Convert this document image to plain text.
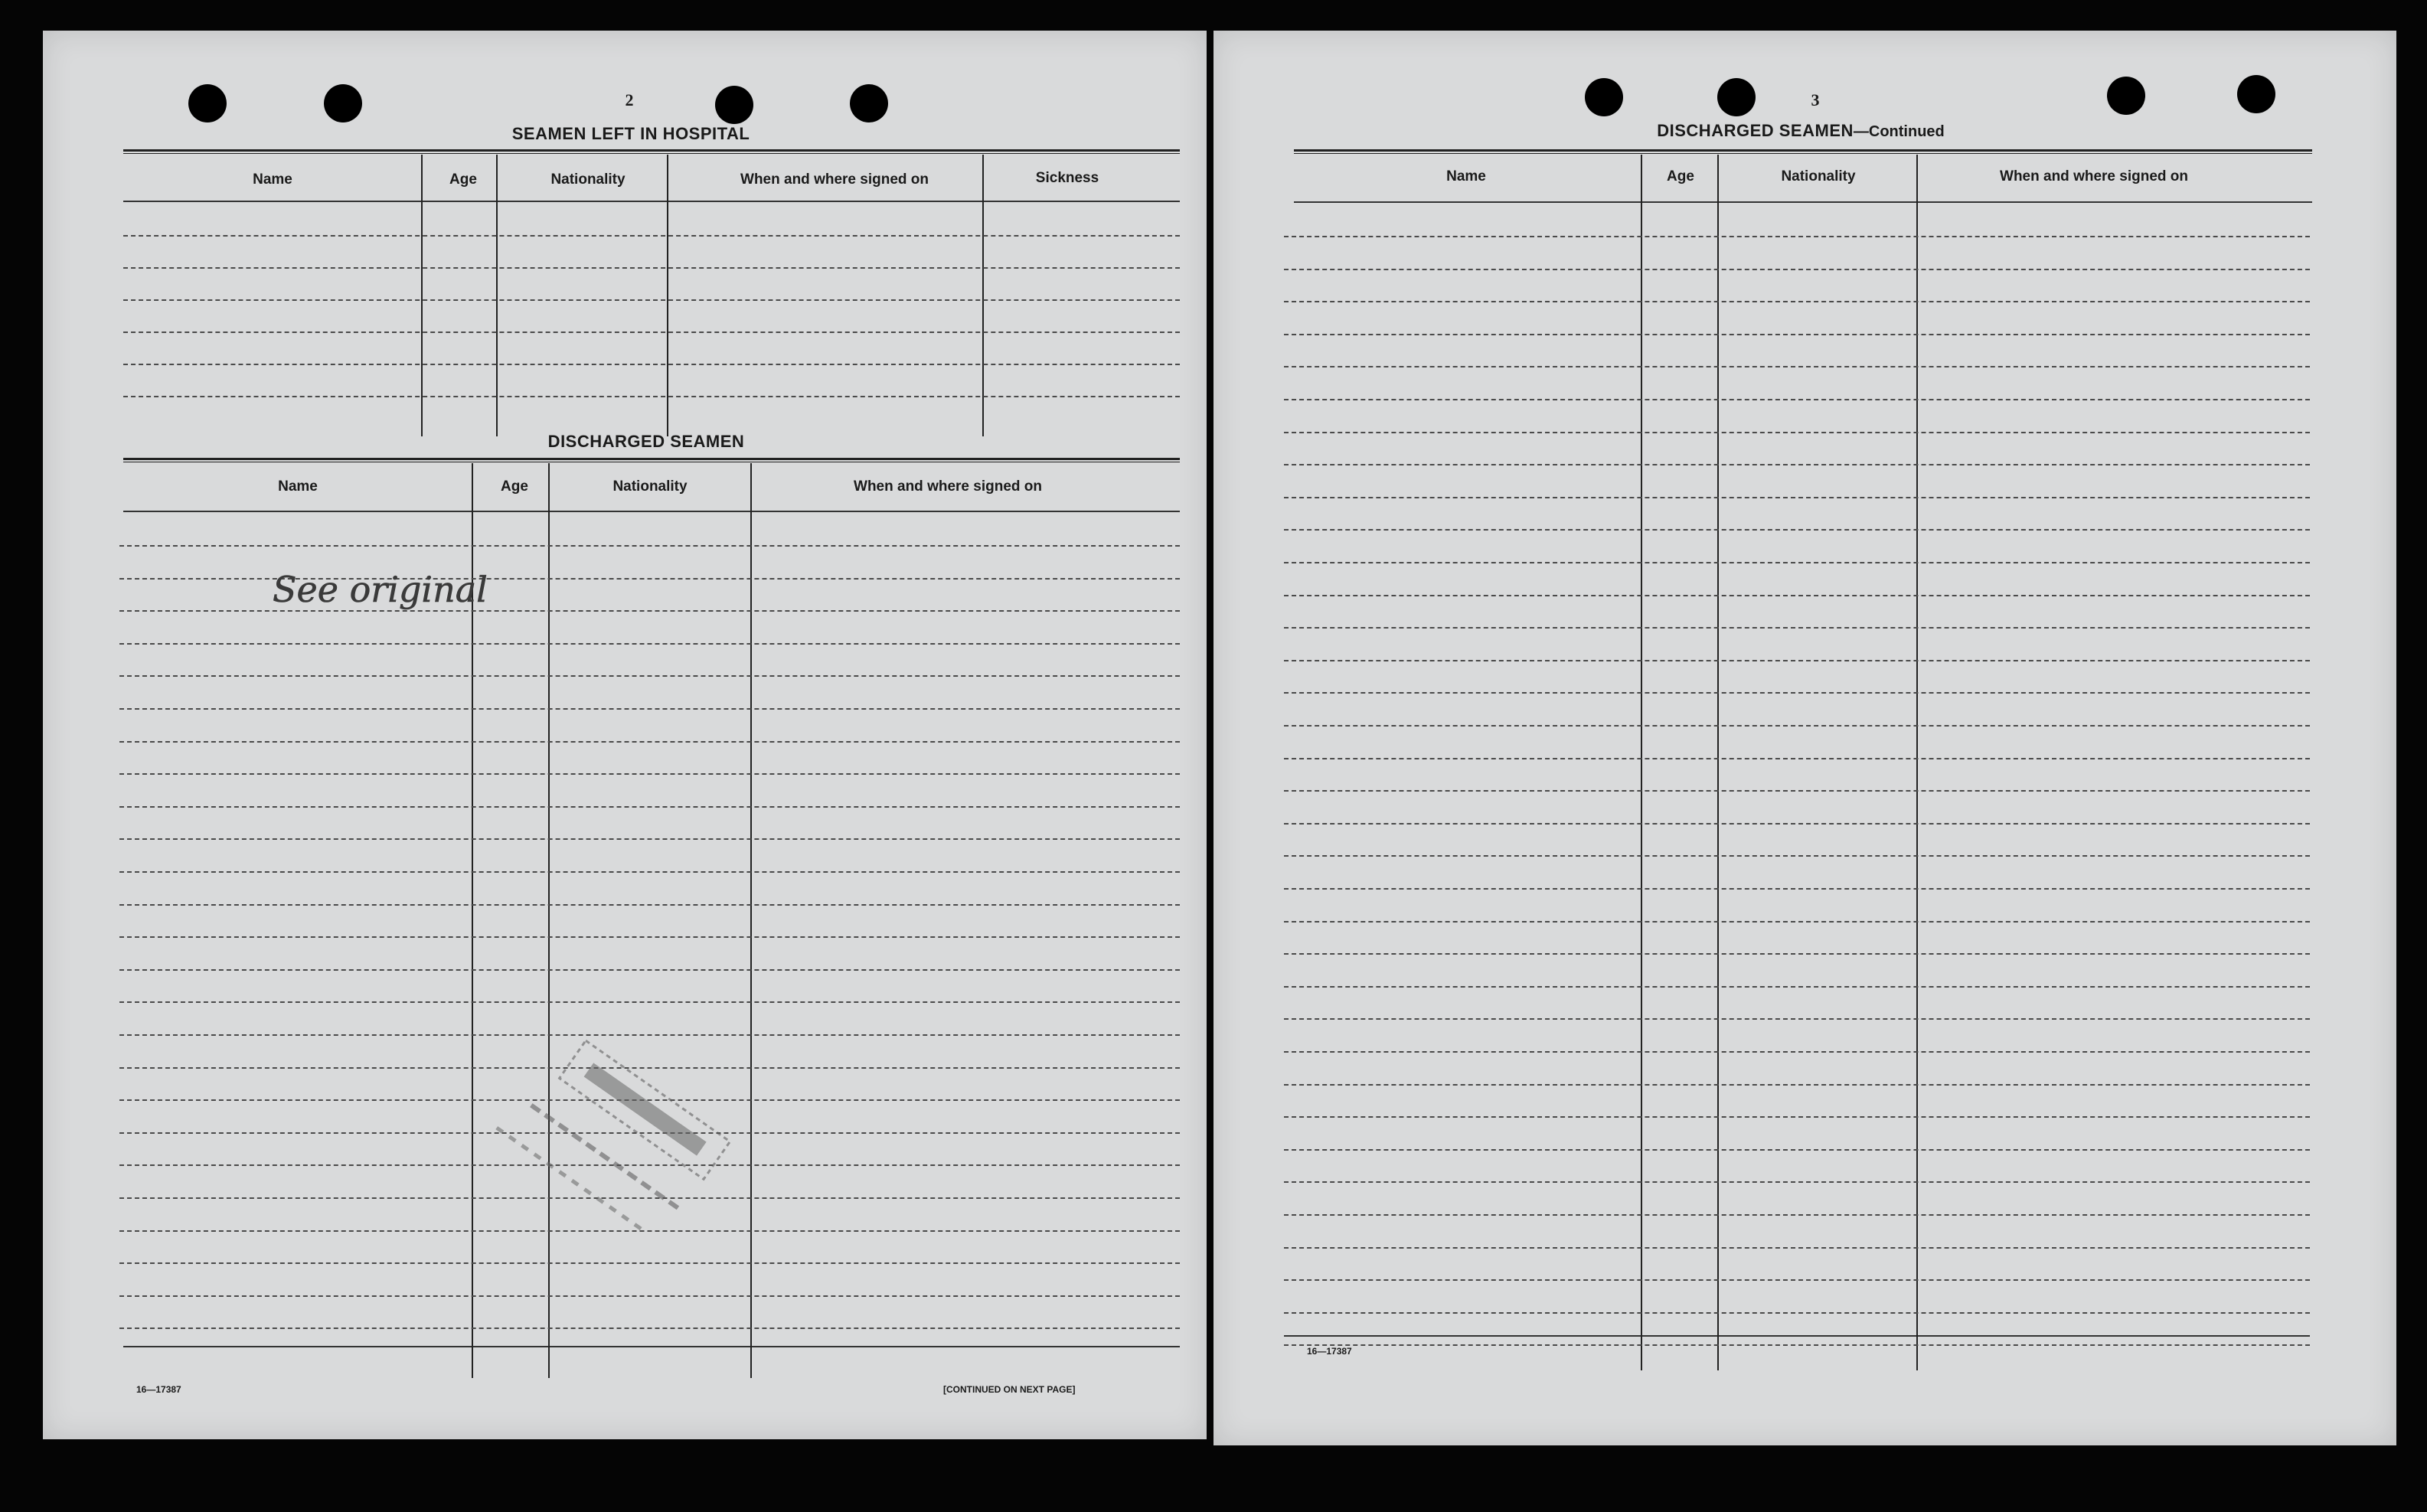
2
SEAMEN LEFT IN HOSPITAL
Name	Age	Nationality	When and where signed on	Sickness
DISCHARGED SEAMEN
Name	Age	Nationality	When and where signed on
See original
16—17387	[CONTINUED ON NEXT PAGE]
3
DISCHARGED SEAMEN—Continued
Name	Age	Nationality	When and where signed on
16—17387
